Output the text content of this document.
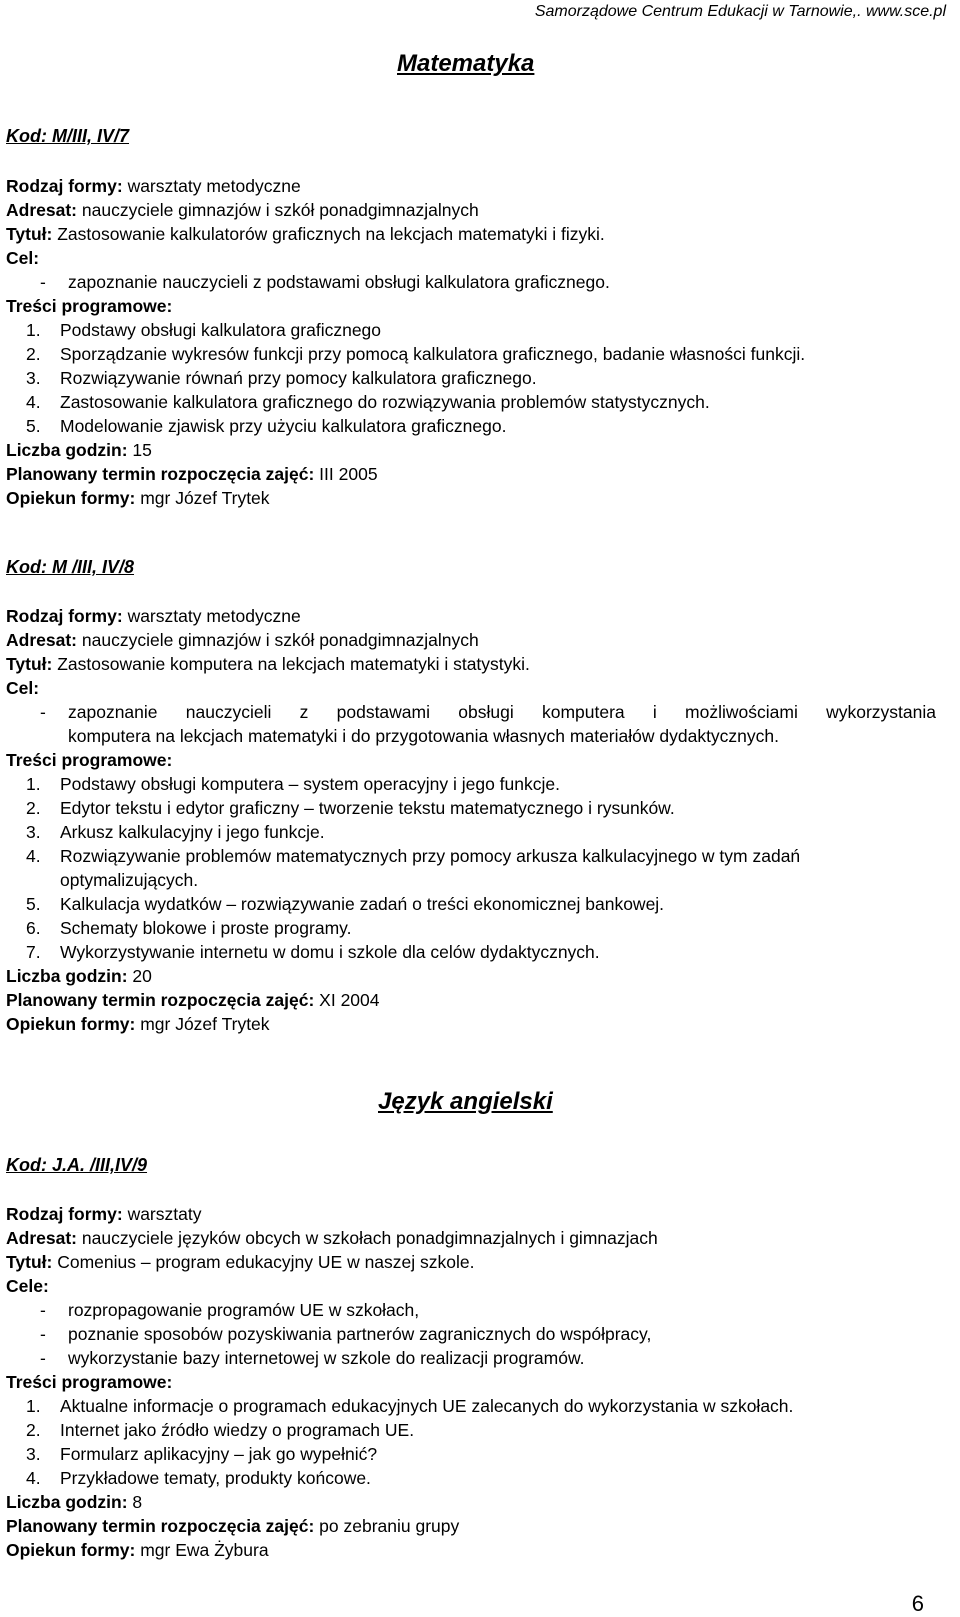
Samorządowe Centrum Edukacji w Tarnowie,. www.sce.pl
Matematyka
Kod: M/III, IV/7
Rodzaj formy: warsztaty metodyczne
Adresat: nauczyciele gimnazjów i szkół ponadgimnazjalnych
Tytuł: Zastosowanie kalkulatorów graficznych na lekcjach matematyki i fizyki.
Cel:
-	zapoznanie nauczycieli z podstawami obsługi kalkulatora graficznego.
Treści programowe:
1.	Podstawy obsługi kalkulatora graficznego
2.	Sporządzanie wykresów funkcji przy pomocą kalkulatora graficznego, badanie własności funkcji.
3.	Rozwiązywanie równań przy pomocy kalkulatora graficznego.
4.	Zastosowanie kalkulatora graficznego do rozwiązywania problemów statystycznych.
5.	Modelowanie zjawisk przy użyciu kalkulatora graficznego.
Liczba godzin: 15
Planowany termin rozpoczęcia zajęć: III 2005
Opiekun formy: mgr Józef Trytek
Kod: M /III, IV/8
Rodzaj formy: warsztaty metodyczne
Adresat: nauczyciele gimnazjów i szkół ponadgimnazjalnych
Tytuł: Zastosowanie komputera na lekcjach matematyki i statystyki.
Cel:
-	zapoznanie nauczycieli z podstawami obsługi komputera i możliwościami wykorzystania
komputera na lekcjach matematyki i do przygotowania własnych materiałów dydaktycznych.
Treści programowe:
1.	Podstawy obsługi komputera – system operacyjny i jego funkcje.
2.	Edytor tekstu i edytor graficzny – tworzenie tekstu matematycznego i rysunków.
3.	Arkusz kalkulacyjny i jego funkcje.
4.	Rozwiązywanie problemów matematycznych przy pomocy arkusza kalkulacyjnego w tym zadań optymalizujących.
5.	Kalkulacja wydatków – rozwiązywanie zadań o treści ekonomicznej bankowej.
6.	Schematy blokowe i proste programy.
7.	Wykorzystywanie internetu w domu i szkole dla celów dydaktycznych.
Liczba godzin: 20
Planowany termin rozpoczęcia zajęć: XI 2004
Opiekun formy: mgr Józef Trytek
Język angielski
Kod: J.A. /III,IV/9
Rodzaj formy: warsztaty
Adresat: nauczyciele języków obcych w szkołach ponadgimnazjalnych i gimnazjach
Tytuł: Comenius – program edukacyjny UE w naszej szkole.
Cele:
-	rozpropagowanie programów UE w szkołach,
-	poznanie sposobów pozyskiwania partnerów zagranicznych do współpracy,
-	wykorzystanie bazy internetowej w szkole do realizacji programów.
Treści programowe:
1.	Aktualne informacje o programach edukacyjnych UE zalecanych do wykorzystania w szkołach.
2.	Internet jako źródło wiedzy o programach UE.
3.	Formularz aplikacyjny – jak go wypełnić?
4.	Przykładowe tematy, produkty końcowe.
Liczba godzin: 8
Planowany termin rozpoczęcia zajęć: po zebraniu grupy
Opiekun formy: mgr Ewa Żybura
6
